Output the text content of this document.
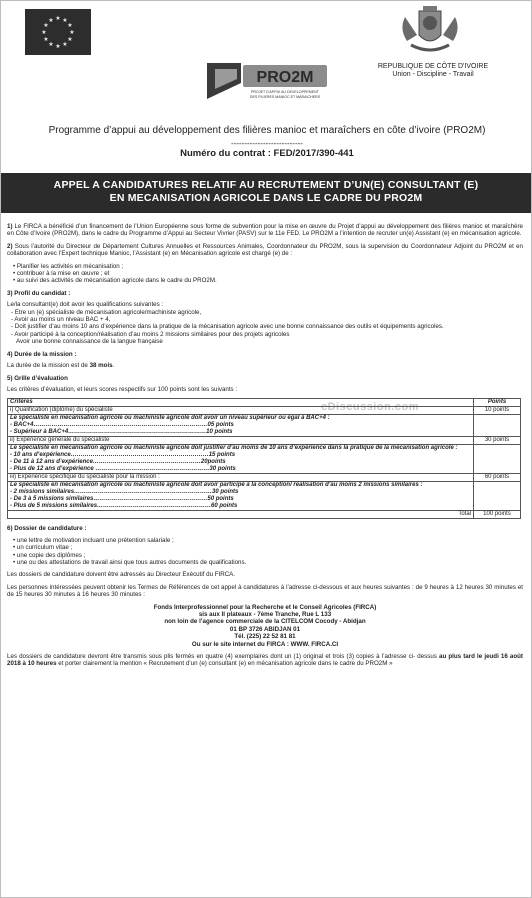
★ ★
★
★
★
★
★
★
★
★
★
★
REPUBLIQUE DE CÔTE D'IVOIRE
Union - Discipline - Travail
PRO2M
PROJET D'APPUI AU DEVELOPPEMENT
DES FILIERES MANIOC ET MARAICHERS
Programme d’appui au développement des filières manioc et maraîchers en côte d’ivoire (PRO2M)
---------------------------
Numéro du contrat : FED/2017/390-441
APPEL A CANDIDATURES RELATIF AU RECRUTEMENT D’UN(E) CONSULTANT (E)
EN MECANISATION AGRICOLE DANS LE CADRE DU PRO2M
cDiscussion.com

1) Le FIRCA a bénéficié d’un financement de l’Union Européenne sous forme de subvention pour la mise en œuvre du Projet d’appui au développement des filières manioc et maraîchère en Côte d’Ivoire (PRO2M), dans le cadre du Programme d’Appui au Secteur Vivrier (PASV) sur le 11e FED. Le PRO2M a l’intention de recruter un(e) Assistant (e) en mécanisation agricole.

2) Sous l’autorité du Directeur de Département Cultures Annuelles et Ressources Animales, Coordonnateur du PRO2M, sous la supervision du Coordonnateur Adjoint du PRO2M et en collaboration avec l’Expert technique Manioc, l’Assistant (e) en Mécanisation agricole est chargé (e) de :

• Planifier les activités en mécanisation ;
• contribuer à la mise en œuvre ; et
• au suivi des activités de mécanisation agricole dans le cadre du PRO2M.
3) Profil du candidat :
Le/la consultant(e) doit avoir les qualifications suivantes :
- Etre un (e) spécialiste de mécanisation agricole/machiniste agricole,
- Avoir au moins un niveau BAC + 4,
- Doit justifier d’au moins 10 ans d’expérience dans la pratique de la mécanisation agricole avec une bonne connaissance des outils et équipements agricoles.
- Avoir participé à la conception/réalisation d’au moins 2 missions similaires pour des projets agricoles
Avoir une bonne connaissance de la langue française
4) Durée de la mission :

La durée de la mission est de 38 mois.

5) Grille d’évaluation

Les critères d’évaluation, et leurs scores respectifs sur 100 points sont les suivants :

Critères	Points
i) Qualification (diplôme) du spécialiste	10 points

Le spécialiste en mécanisation agricole ou machiniste agricole doit avoir un niveau supérieur ou égal à BAC+4 :
- BAC+4……………………………………………………………………………05 points
- Supérieur à BAC+4……………………………………………………………10 points	

ii) Expérience générale du spécialiste	30 points

Le spécialiste en mécanisation agricole ou machiniste agricole doit justifier d’au moins de 10 ans d’expérience dans la pratique de la mécanisation agricole :
- 10 ans d’expérience……………………………………………………………15 points
- De 11 à 12 ans d’expérience………………………………………………20points
- Plus de 12 ans d’expérience …………………………………………………30 points	

iii) Expérience spécifique du spécialiste pour la mission :	60 points

Le spécialiste en mécanisation agricole ou machiniste agricole doit avoir participé à la conception/ réalisation d’au moins 2 missions similaires :
- 2 missions similaires……………………………………………………………30 points
- De 3 à 5 missions similaires…………………………………………………50 points
- Plus de 5 missions similaires…………………………………………………60 points	

Total	100 points
6) Dossier de candidature :
• une lettre de motivation incluant une prétention salariale ;
• un curriculum vitae ;
• une copie des diplômes ;
• une ou des attestations de travail ainsi que tous autres documents de qualifications.

Les dossiers de candidature doivent être adressés au Directeur Exécutif du FIRCA.

Les personnes intéressées peuvent obtenir les Termes de Références de cet appel à candidatures à l’adresse ci-dessous et aux heures suivantes : de 9 heures à 12 heures 30 minutes et de 15 heures 30 minutes à 16 heures 30 minutes :

Fonds Interprofessionnel pour la Recherche et le Conseil Agricoles (FIRCA)
sis aux II plateaux - 7ème Tranche, Rue L 133
non loin de l’agence commerciale de la CITELCOM Cocody - Abidjan
01 BP 3726 ABIDJAN 01
Tél. (225) 22 52 81 81
Ou sur le site internet du FIRCA : WWW. FIRCA.CI

Les dossiers de candidature devront être transmis sous plis fermés en quatre (4) exemplaires dont un (1) original et trois (3) copies à l’adresse ci- dessus au plus tard le jeudi 16 août 2018 à 10 heures et porter clairement la mention « Recrutement d’un (e) consultant (e) en mécanisation agricole dans le cadre du PRO2M »
